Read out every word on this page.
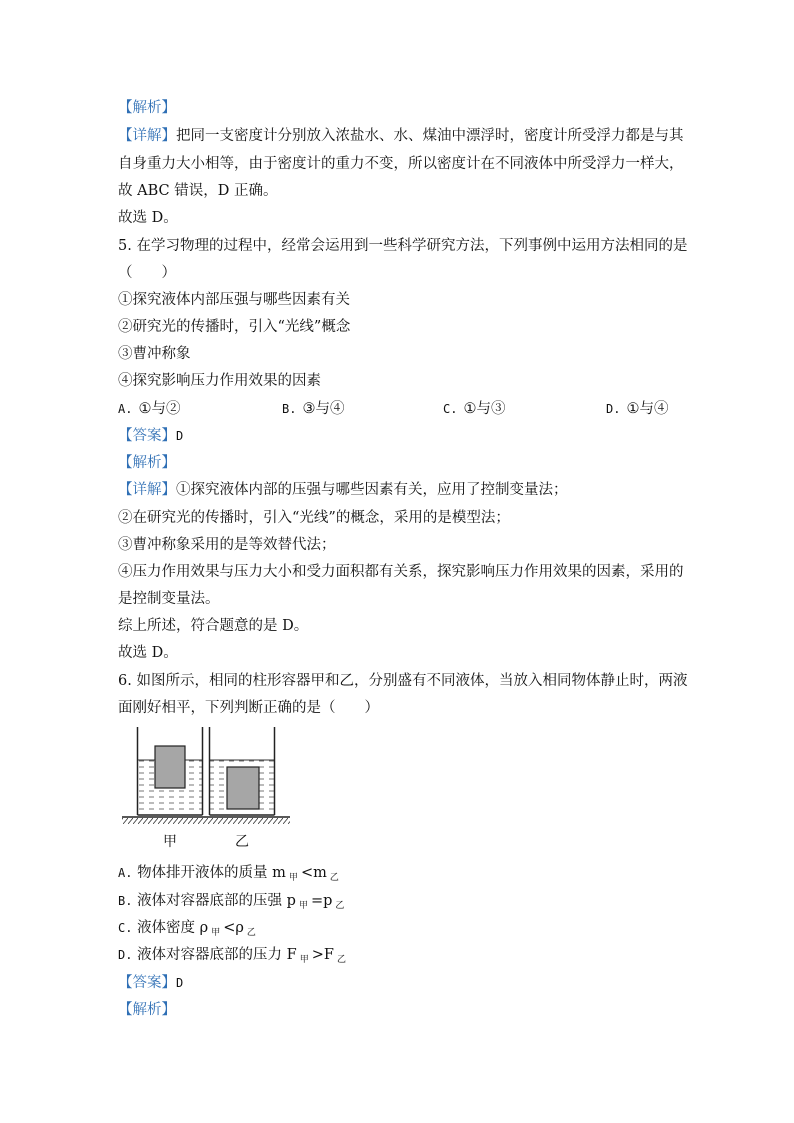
【解析】
【详解】把同一支密度计分别放入浓盐水、水、煤油中漂浮时，密度计所受浮力都是与其
自身重力大小相等，由于密度计的重力不变，所以密度计在不同液体中所受浮力一样大，
故 ABC 错误，D 正确。
故选 D。
5. 在学习物理的过程中，经常会运用到一些科学研究方法，下列事例中运用方法相同的是
（　　）
①探究液体内部压强与哪些因素有关
②研究光的传播时，引入“光线”概念
③曹冲称象
④探究影响压力作用效果的因素
A. ①与②	B. ③与④	C. ①与③	D. ①与④
【答案】D
【解析】
【详解】①探究液体内部的压强与哪些因素有关，应用了控制变量法；
②在研究光的传播时，引入“光线”的概念，采用的是模型法；
③曹冲称象采用的是等效替代法；
④压力作用效果与压力大小和受力面积都有关系，探究影响压力作用效果的因素，采用的
是控制变量法。
综上所述，符合题意的是 D。
故选 D。
6. 如图所示，相同的柱形容器甲和乙，分别盛有不同液体，当放入相同物体静止时，两液
面刚好相平，下列判断正确的是（　　）
甲	乙
A. 物体排开液体的质量 m $_甲$ <m $_乙$
B. 液体对容器底部的压强 p $_甲$ =p $_乙$
C. 液体密度 ρ $_甲$ <ρ $_乙$
D. 液体对容器底部的压力 F $_甲$ >F $_乙$
【答案】D
【解析】
